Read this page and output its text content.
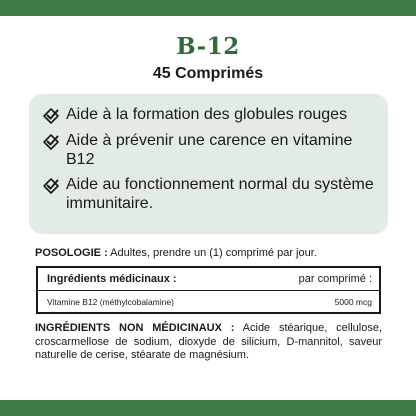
B-12
45 Comprimés
Aide à la formation des globules rouges
Aide à prévenir une carence en vitamine B12
Aide au fonctionnement normal du système immunitaire.
POSOLOGIE : Adultes, prendre un (1) comprimé par jour.
Ingrédients médicinaux :	par comprimé :
Vitamine B12 (méthylcobalamine)	5000 mcg
INGRÉDIENTS NON MÉDICINAUX : Acide stéarique, cellulose, croscarmellose de sodium, dioxyde de silicium, D-mannitol, saveur naturelle de cerise, stéarate de magnésium.
